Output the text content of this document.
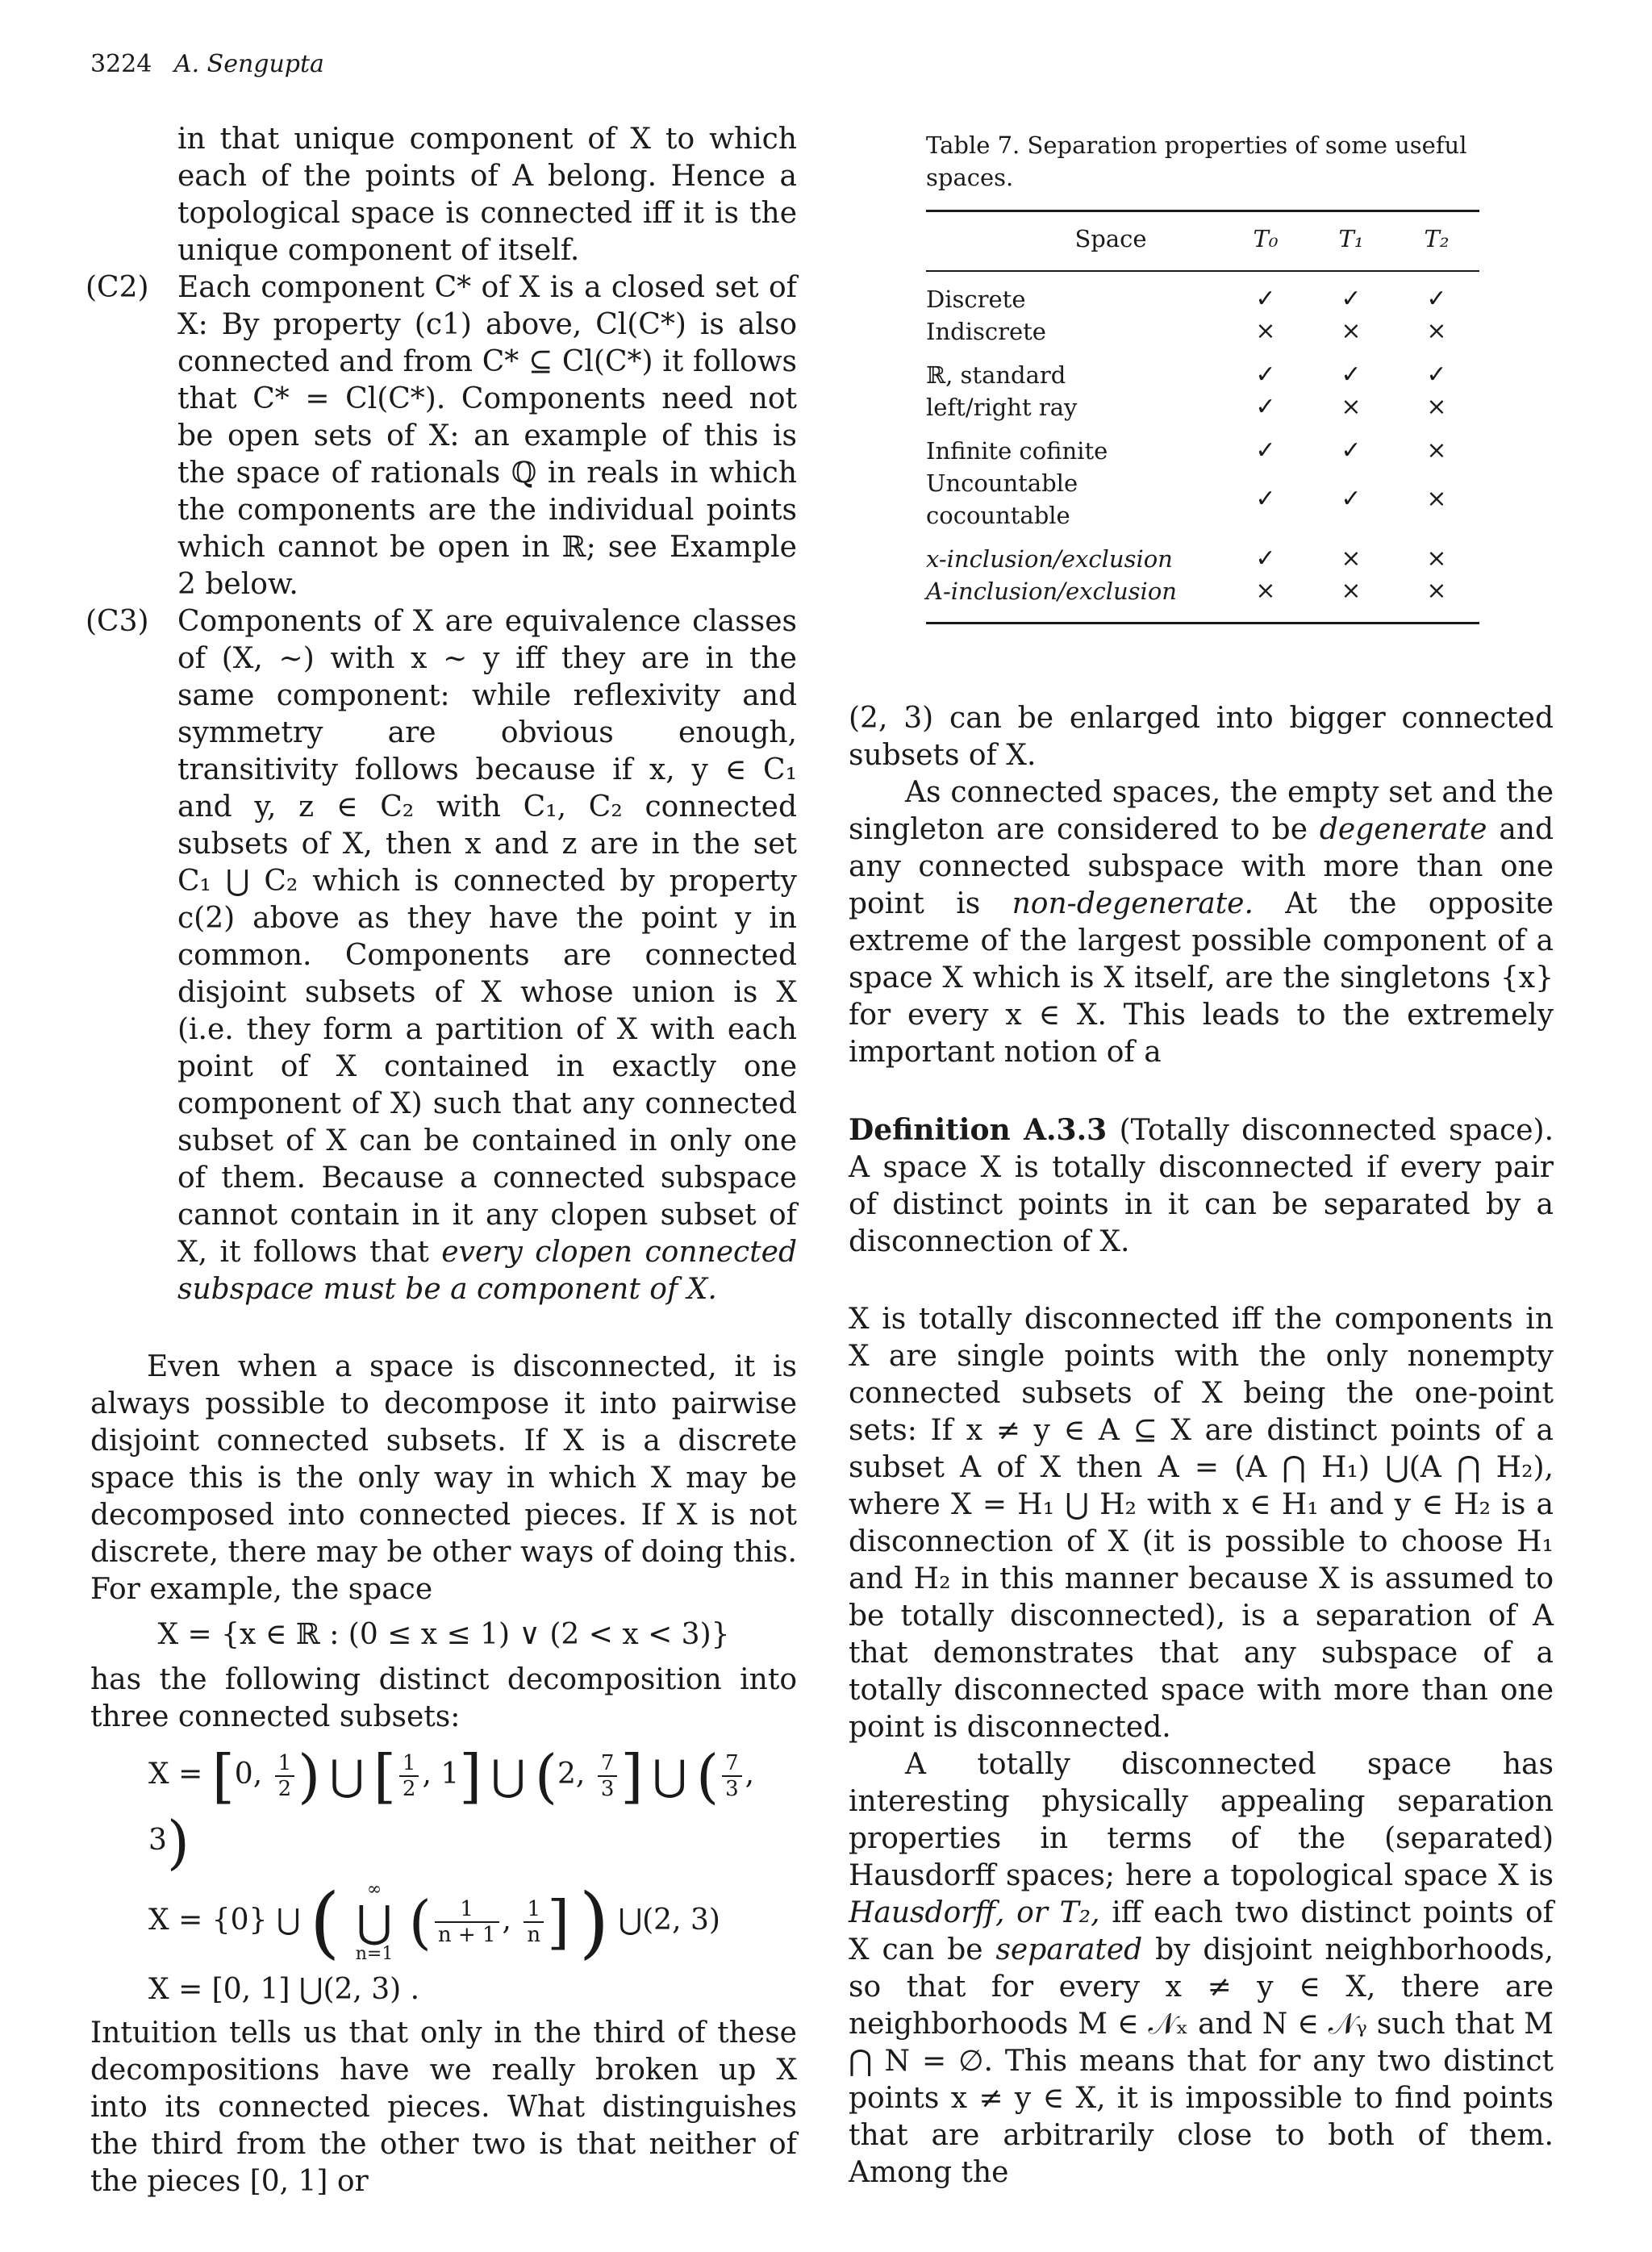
3224 A. Sengupta

in that unique component of X to which each of the points of A belong. Hence a topological space is connected iff it is the unique component of itself.

(C2) Each component C* of X is a closed set of X: By property (c1) above, Cl(C*) is also connected and from C* ⊆ Cl(C*) it follows that C* = Cl(C*). Components need not be open sets of X: an example of this is the space of rationals ℚ in reals in which the components are the individual points which cannot be open in ℝ; see Example 2 below.

(C3) Components of X are equivalence classes of (X, ∼) with x ∼ y iff they are in the same component: while reflexivity and symmetry are obvious enough, transitivity follows because if x, y ∈ C₁ and y, z ∈ C₂ with C₁, C₂ connected subsets of X, then x and z are in the set C₁ ⋃ C₂ which is connected by property c(2) above as they have the point y in common. Components are connected disjoint subsets of X whose union is X (i.e. they form a partition of X with each point of X contained in exactly one component of X) such that any connected subset of X can be contained in only one of them. Because a connected subspace cannot contain in it any clopen subset of X, it follows that every clopen connected subspace must be a component of X.

Even when a space is disconnected, it is always possible to decompose it into pairwise disjoint connected subsets. If X is a discrete space this is the only way in which X may be decomposed into connected pieces. If X is not discrete, there may be other ways of doing this. For example, the space

X = {x ∈ ℝ : (0 ≤ x ≤ 1) ∨ (2 < x < 3)}

has the following distinct decomposition into three connected subsets:

X = [0, $\frac{1}{2}$ ) ⋃ [ $\frac{1}{2}$ , 1] ⋃ (2, $\frac{7}{3}$ ] ⋃ ( $\frac{7}{3}$ , 3)
X = {0} ⋃ ( ∞
⋃
n=1 ( $\frac{1}{n + 1}$ , $\frac{1}{n}$ ] ) ⋃(2, 3)
X = [0, 1] ⋃(2, 3) .

Intuition tells us that only in the third of these decompositions have we really broken up X into its connected pieces. What distinguishes the third from the other two is that neither of the pieces [0, 1] or

Table 7. Separation properties of some useful spaces.
Space	T₀	T₁	T₂
Discrete	✓	✓	✓
Indiscrete	×	×	×
ℝ, standard	✓	✓	✓
left/right ray	✓	×	×
Infinite cofinite	✓	✓	×
Uncountable cocountable	✓	✓	×
x-inclusion/exclusion	✓	×	×
A-inclusion/exclusion	×	×	×

(2, 3) can be enlarged into bigger connected subsets of X.

As connected spaces, the empty set and the singleton are considered to be degenerate and any connected subspace with more than one point is non-degenerate. At the opposite extreme of the largest possible component of a space X which is X itself, are the singletons {x} for every x ∈ X. This leads to the extremely important notion of a

Definition A.3.3 (Totally disconnected space). A space X is totally disconnected if every pair of distinct points in it can be separated by a disconnection of X.

X is totally disconnected iff the components in X are single points with the only nonempty connected subsets of X being the one-point sets: If x ≠ y ∈ A ⊆ X are distinct points of a subset A of X then A = (A ⋂ H₁) ⋃(A ⋂ H₂), where X = H₁ ⋃ H₂ with x ∈ H₁ and y ∈ H₂ is a disconnection of X (it is possible to choose H₁ and H₂ in this manner because X is assumed to be totally disconnected), is a separation of A that demonstrates that any subspace of a totally disconnected space with more than one point is disconnected.

A totally disconnected space has interesting physically appealing separation properties in terms of the (separated) Hausdorff spaces; here a topological space X is Hausdorff, or T₂, iff each two distinct points of X can be separated by disjoint neighborhoods, so that for every x ≠ y ∈ X, there are neighborhoods M ∈ 𝒩ₓ and N ∈ 𝒩ᵧ such that M ⋂ N = ∅. This means that for any two distinct points x ≠ y ∈ X, it is impossible to find points that are arbitrarily close to both of them. Among the
